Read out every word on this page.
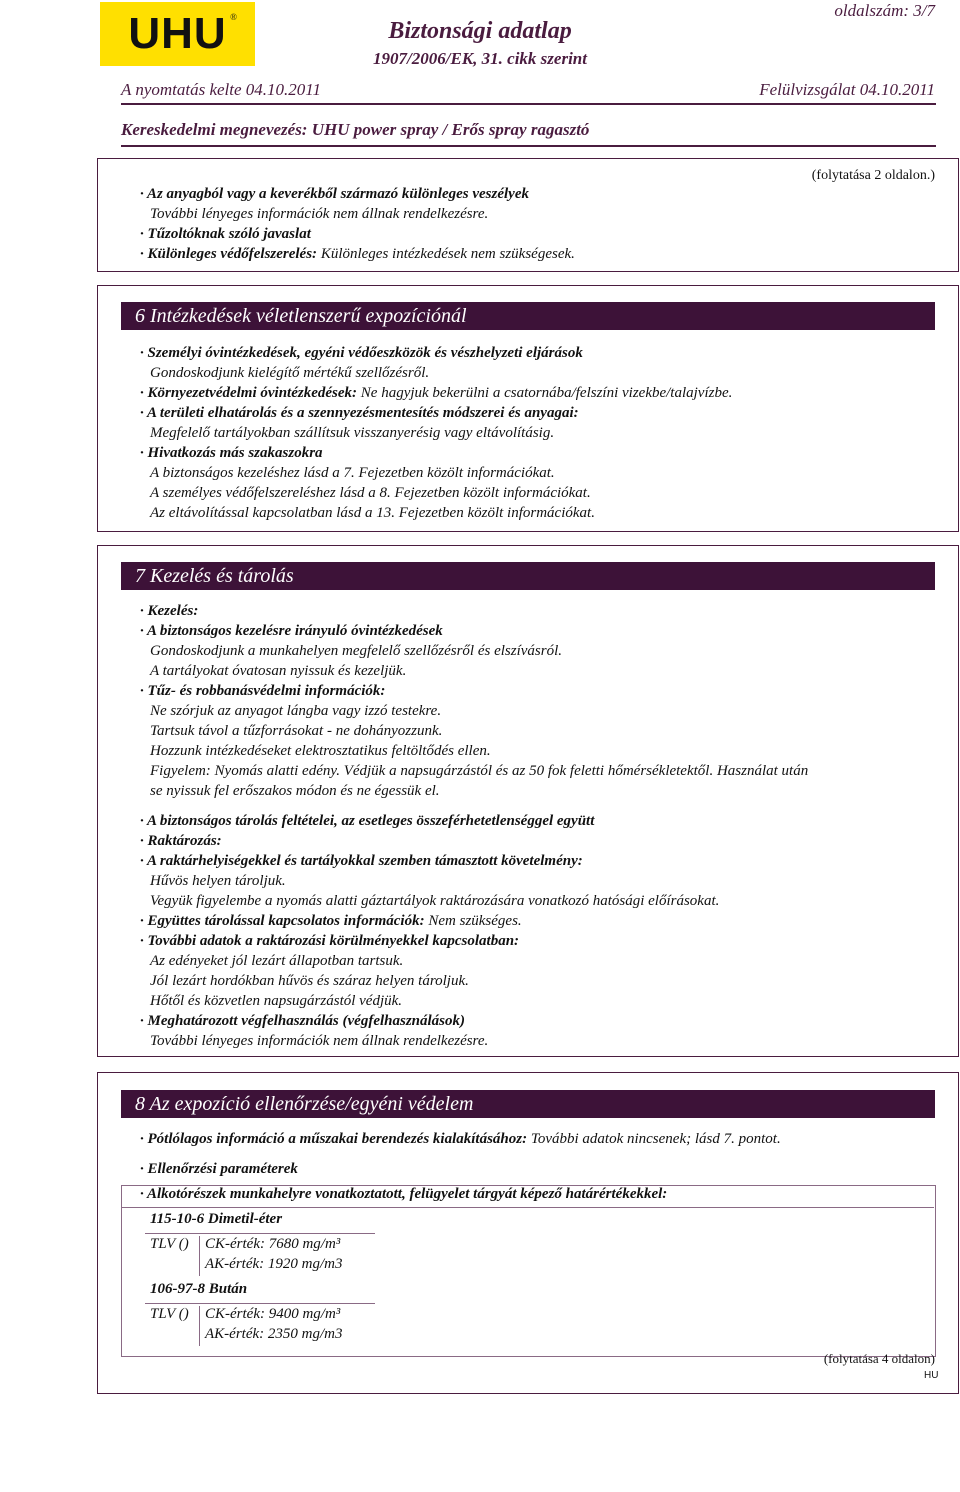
UHU ®
Biztonsági adatlap
1907/2006/EK, 31. cikk szerint
oldalszám: 3/7
A nyomtatás kelte 04.10.2011	Felülvizsgálat 04.10.2011
Kereskedelmi megnevezés: UHU power spray / Erős spray ragasztó
(folytatása 2 oldalon.)
· Az anyagból vagy a keverékből származó különleges veszélyek
További lényeges információk nem állnak rendelkezésre.
· Tűzoltóknak szóló javaslat
· Különleges védőfelszerelés: Különleges intézkedések nem szükségesek.
6 Intézkedések véletlenszerű expozíciónál
· Személyi óvintézkedések, egyéni védőeszközök és vészhelyzeti eljárások
Gondoskodjunk kielégítő mértékű szellőzésről.
· Környezetvédelmi óvintézkedések: Ne hagyjuk bekerülni a csatornába/felszíni vizekbe/talajvízbe.
· A területi elhatárolás és a szennyezésmentesítés módszerei és anyagai:
Megfelelő tartályokban szállítsuk visszanyerésig vagy eltávolításig.
· Hivatkozás más szakaszokra
A biztonságos kezeléshez lásd a 7. Fejezetben közölt információkat.
A személyes védőfelszereléshez lásd a 8. Fejezetben közölt információkat.
Az eltávolítással kapcsolatban lásd a 13. Fejezetben közölt információkat.
7 Kezelés és tárolás
· Kezelés:
· A biztonságos kezelésre irányuló óvintézkedések
Gondoskodjunk a munkahelyen megfelelő szellőzésről és elszívásról.
A tartályokat óvatosan nyissuk és kezeljük.
· Tűz- és robbanásvédelmi információk:
Ne szórjuk az anyagot lángba vagy izzó testekre.
Tartsuk távol a tűzforrásokat - ne dohányozzunk.
Hozzunk intézkedéseket elektrosztatikus feltöltődés ellen.
Figyelem: Nyomás alatti edény. Védjük a napsugárzástól és az 50 fok feletti hőmérsékletektől. Használat után
se nyissuk fel erőszakos módon és ne égessük el.
· A biztonságos tárolás feltételei, az esetleges összeférhetetlenséggel együtt
· Raktározás:
· A raktárhelyiségekkel és tartályokkal szemben támasztott követelmény:
Hűvös helyen tároljuk.
Vegyük figyelembe a nyomás alatti gáztartályok raktározására vonatkozó hatósági előírásokat.
· Együttes tárolással kapcsolatos információk: Nem szükséges.
· További adatok a raktározási körülményekkel kapcsolatban:
Az edényeket jól lezárt állapotban tartsuk.
Jól lezárt hordókban hűvös és száraz helyen tároljuk.
Hőtől és közvetlen napsugárzástól védjük.
· Meghatározott végfelhasználás (végfelhasználások)
További lényeges információk nem állnak rendelkezésre.
8 Az expozíció ellenőrzése/egyéni védelem
· Pótlólagos információ a műszakai berendezés kialakításához: További adatok nincsenek; lásd 7. pontot.
· Ellenőrzési paraméterek
· Alkotórészek munkahelyre vonatkoztatott, felügyelet tárgyát képező határértékekkel:
115-10-6 Dimetil-éter
TLV () CK-érték: 7680 mg/m³
AK-érték: 1920 mg/m3
106-97-8 Bután
TLV () CK-érték: 9400 mg/m³
AK-érték: 2350 mg/m3
(folytatása 4 oldalon)
HU
